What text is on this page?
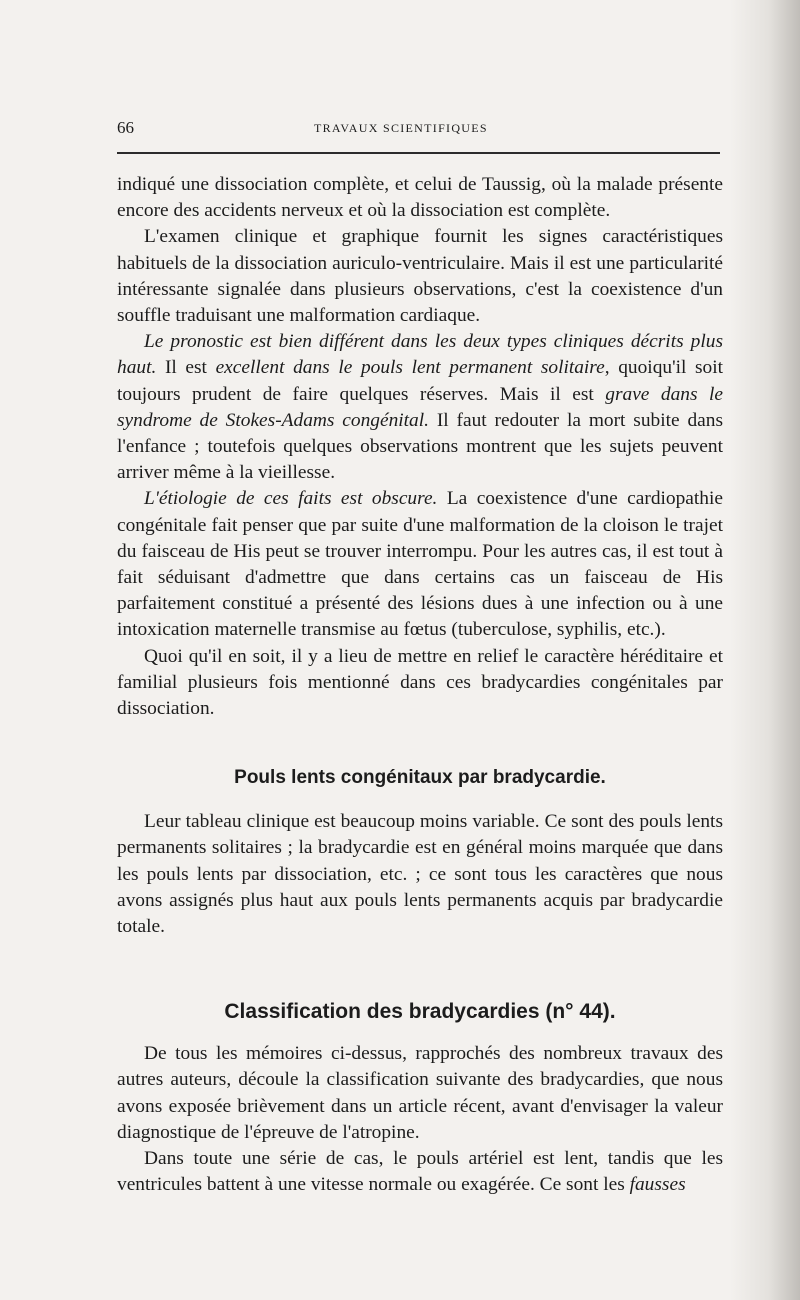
66	TRAVAUX SCIENTIFIQUES

indiqué une dissociation complète, et celui de Taussig, où la malade présente encore des accidents nerveux et où la dissociation est complète.

L'examen clinique et graphique fournit les signes caractéristiques habituels de la dissociation auriculo-ventriculaire. Mais il est une particularité intéressante signalée dans plusieurs observations, c'est la coexistence d'un souffle traduisant une malformation cardiaque.

Le pronostic est bien différent dans les deux types cliniques décrits plus haut. Il est excellent dans le pouls lent permanent solitaire, quoiqu'il soit toujours prudent de faire quelques réserves. Mais il est grave dans le syndrome de Stokes-Adams congénital. Il faut redouter la mort subite dans l'enfance ; toutefois quelques observations montrent que les sujets peuvent arriver même à la vieillesse.

L'étiologie de ces faits est obscure. La coexistence d'une cardiopathie congénitale fait penser que par suite d'une malformation de la cloison le trajet du faisceau de His peut se trouver interrompu. Pour les autres cas, il est tout à fait séduisant d'admettre que dans certains cas un faisceau de His parfaitement constitué a présenté des lésions dues à une infection ou à une intoxication maternelle transmise au fœtus (tuberculose, syphilis, etc.).

Quoi qu'il en soit, il y a lieu de mettre en relief le caractère héréditaire et familial plusieurs fois mentionné dans ces bradycardies congénitales par dissociation.

Pouls lents congénitaux par bradycardie.

Leur tableau clinique est beaucoup moins variable. Ce sont des pouls lents permanents solitaires ; la bradycardie est en général moins marquée que dans les pouls lents par dissociation, etc. ; ce sont tous les caractères que nous avons assignés plus haut aux pouls lents permanents acquis par bradycardie totale.

Classification des bradycardies (n° 44).

De tous les mémoires ci-dessus, rapprochés des nombreux travaux des autres auteurs, découle la classification suivante des bradycardies, que nous avons exposée brièvement dans un article récent, avant d'envisager la valeur diagnostique de l'épreuve de l'atropine.

Dans toute une série de cas, le pouls artériel est lent, tandis que les ventricules battent à une vitesse normale ou exagérée. Ce sont les fausses
